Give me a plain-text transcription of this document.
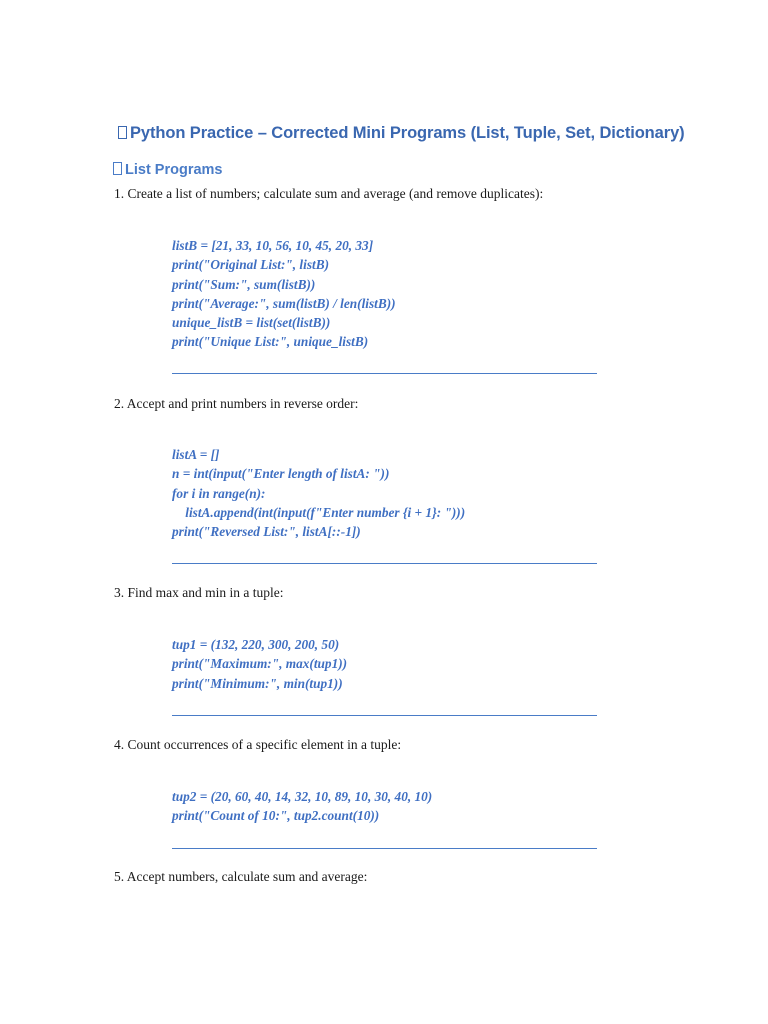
Python Practice – Corrected Mini Programs (List, Tuple, Set, Dictionary)
List Programs
1. Create a list of numbers; calculate sum and average (and remove duplicates):
listB = [21, 33, 10, 56, 10, 45, 20, 33]
print("Original List:", listB)
print("Sum:", sum(listB))
print("Average:", sum(listB) / len(listB))
unique_listB = list(set(listB))
print("Unique List:", unique_listB)
2. Accept and print numbers in reverse order:
listA = []
n = int(input("Enter length of listA: "))
for i in range(n):
listA.append(int(input(f"Enter number {i + 1}: ")))
print("Reversed List:", listA[::-1])
3. Find max and min in a tuple:
tup1 = (132, 220, 300, 200, 50)
print("Maximum:", max(tup1))
print("Minimum:", min(tup1))
4. Count occurrences of a specific element in a tuple:
tup2 = (20, 60, 40, 14, 32, 10, 89, 10, 30, 40, 10)
print("Count of 10:", tup2.count(10))
5. Accept numbers, calculate sum and average:
